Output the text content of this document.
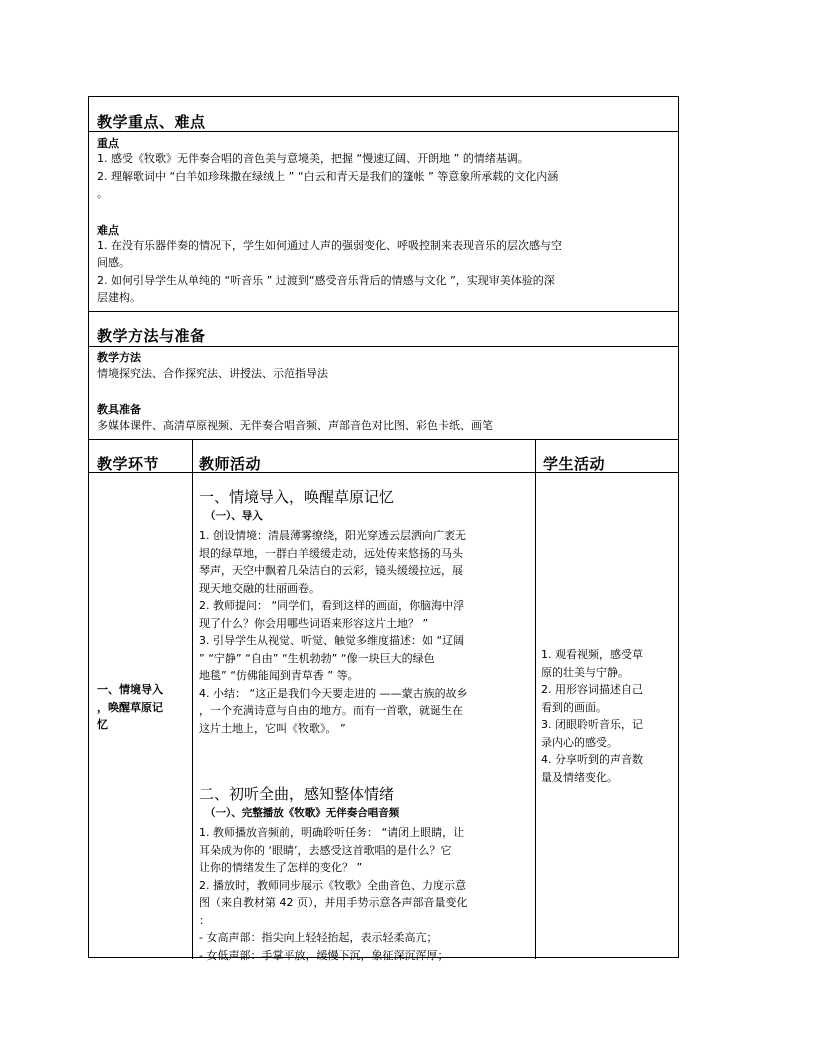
教学重点、难点
重点
1. 感受《牧歌》无伴奏合唱的音色美与意境美，把握 “慢速辽阔、开朗地 ” 的情绪基调。
2. 理解歌词中 “白羊如珍珠撒在绿绒上 ” “白云和青天是我们的篷帐 ” 等意象所承载的文化内涵
。
难点
1. 在没有乐器伴奏的情况下，学生如何通过人声的强弱变化、呼吸控制来表现音乐的层次感与空
间感。
2. 如何引导学生从单纯的 “听音乐 ” 过渡到“感受音乐背后的情感与文化 ”，实现审美体验的深
层建构。
教学方法与准备
教学方法
情境探究法、合作探究法、讲授法、示范指导法
教具准备
多媒体课件、高清草原视频、无伴奏合唱音频、声部音色对比图、彩色卡纸、画笔
教学环节	教师活动	学生活动
一、情境导入
，唤醒草原记
忆
一、情境导入，唤醒草原记忆
（一）、导入
1. 创设情境：清晨薄雾缭绕，阳光穿透云层洒向广袤无
垠的绿草地，一群白羊缓缓走动，远处传来悠扬的马头
琴声，天空中飘着几朵洁白的云彩，镜头缓缓拉远，展
现天地交融的壮丽画卷。
2. 教师提问： “同学们，看到这样的画面，你脑海中浮
现了什么？你会用哪些词语来形容这片土地？ ”
3. 引导学生从视觉、听觉、触觉多维度描述：如 “辽阔
” “宁静” “自由” “生机勃勃” “像一块巨大的绿色
地毯” “仿佛能闻到青草香 ” 等。
4. 小结： “这正是我们今天要走进的 ——蒙古族的故乡
，一个充满诗意与自由的地方。而有一首歌，就诞生在
这片土地上，它叫《牧歌》。 ”
二、初听全曲，感知整体情绪
（一）、完整播放《牧歌》无伴奏合唱音频
1. 教师播放音频前，明确聆听任务： “请闭上眼睛，让
耳朵成为你的 ‘眼睛’，去感受这首歌唱的是什么？它
让你的情绪发生了怎样的变化？ ”
2. 播放时，教师同步展示《牧歌》全曲音色、力度示意
图（来自教材第 42 页），并用手势示意各声部音量变化
：
- 女高声部：指尖向上轻轻抬起，表示轻柔高亢；
- 女低声部：手掌平放，缓慢下沉，象征深沉浑厚；
1. 观看视频，感受草
原的壮美与宁静。
2. 用形容词描述自己
看到的画面。
3. 闭眼聆听音乐，记
录内心的感受。
4. 分享听到的声音数
量及情绪变化。
